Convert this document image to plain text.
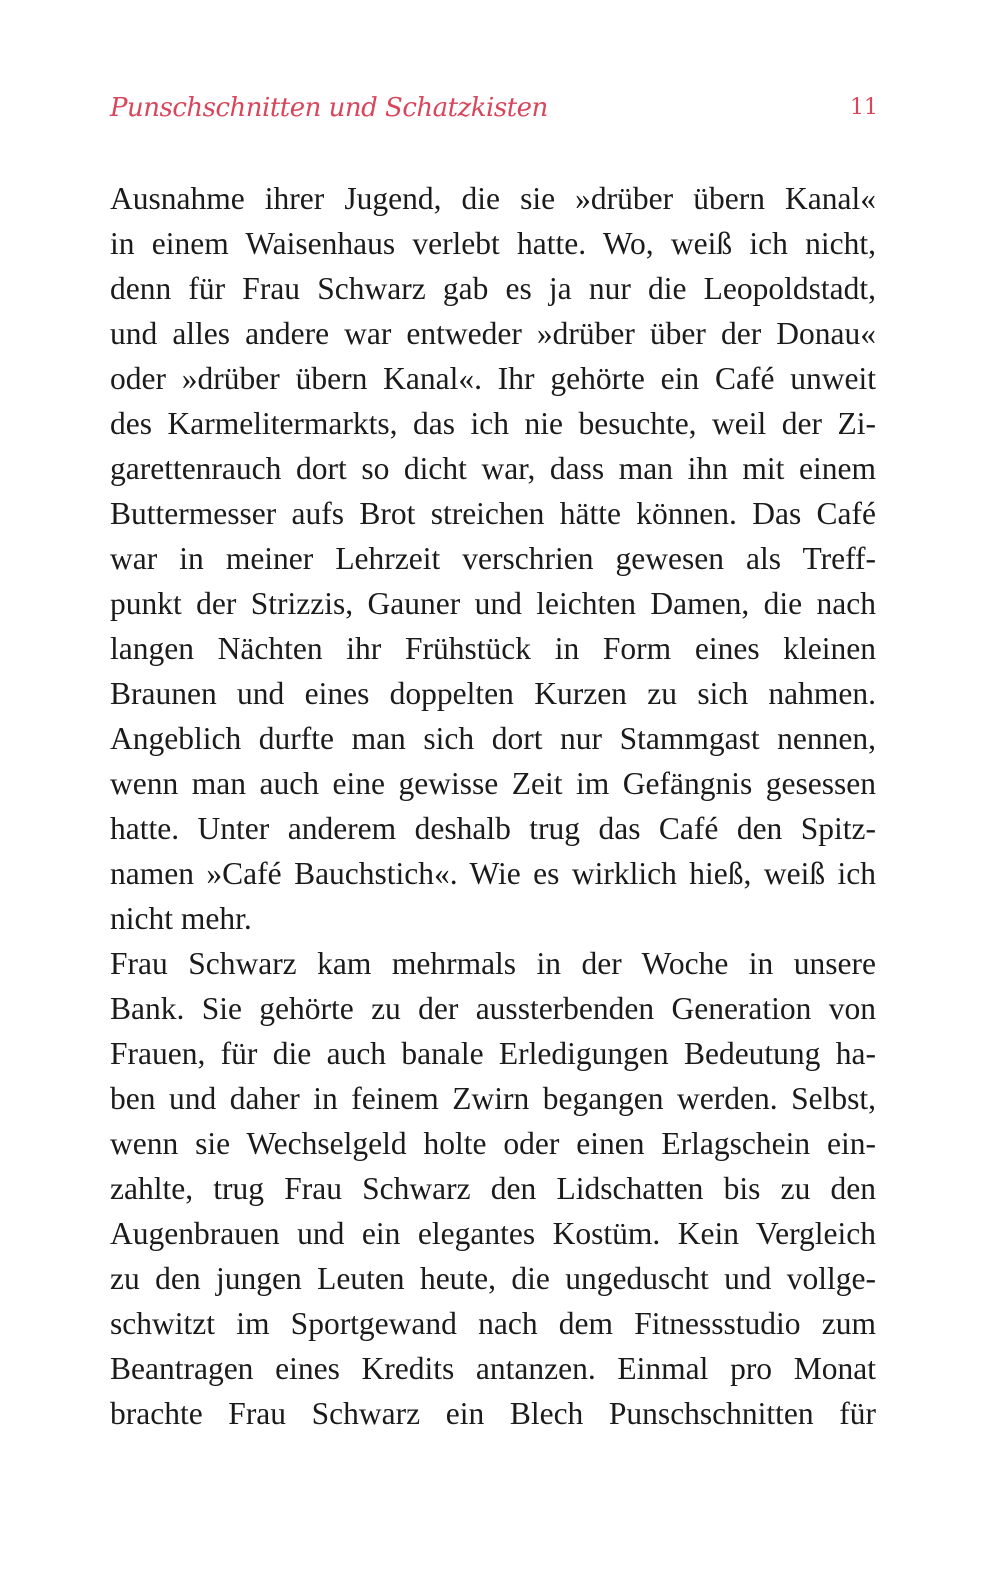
Punschschnitten und Schatzkisten	11
Ausnahme ihrer Jugend, die sie »drüber übern Kanal«
in einem Waisenhaus verlebt hatte. Wo, weiß ich nicht,
denn für Frau Schwarz gab es ja nur die Leopoldstadt,
und alles andere war entweder »drüber über der Donau«
oder »drüber übern Kanal«. Ihr gehörte ein Café unweit
des Karmelitermarkts, das ich nie besuchte, weil der Zi-
garettenrauch dort so dicht war, dass man ihn mit einem
Buttermesser aufs Brot streichen hätte können. Das Café
war in meiner Lehrzeit verschrien gewesen als Treff-
punkt der Strizzis, Gauner und leichten Damen, die nach
langen Nächten ihr Frühstück in Form eines kleinen
Braunen und eines doppelten Kurzen zu sich nahmen.
Angeblich durfte man sich dort nur Stammgast nennen,
wenn man auch eine gewisse Zeit im Gefängnis gesessen
hatte. Unter anderem deshalb trug das Café den Spitz-
namen »Café Bauchstich«. Wie es wirklich hieß, weiß ich
nicht mehr.
Frau Schwarz kam mehrmals in der Woche in unsere
Bank. Sie gehörte zu der aussterbenden Generation von
Frauen, für die auch banale Erledigungen Bedeutung ha-
ben und daher in feinem Zwirn begangen werden. Selbst,
wenn sie Wechselgeld holte oder einen Erlagschein ein-
zahlte, trug Frau Schwarz den Lidschatten bis zu den
Augenbrauen und ein elegantes Kostüm. Kein Vergleich
zu den jungen Leuten heute, die ungeduscht und vollge-
schwitzt im Sportgewand nach dem Fitnessstudio zum
Beantragen eines Kredits antanzen. Einmal pro Monat
brachte Frau Schwarz ein Blech Punschschnitten für
